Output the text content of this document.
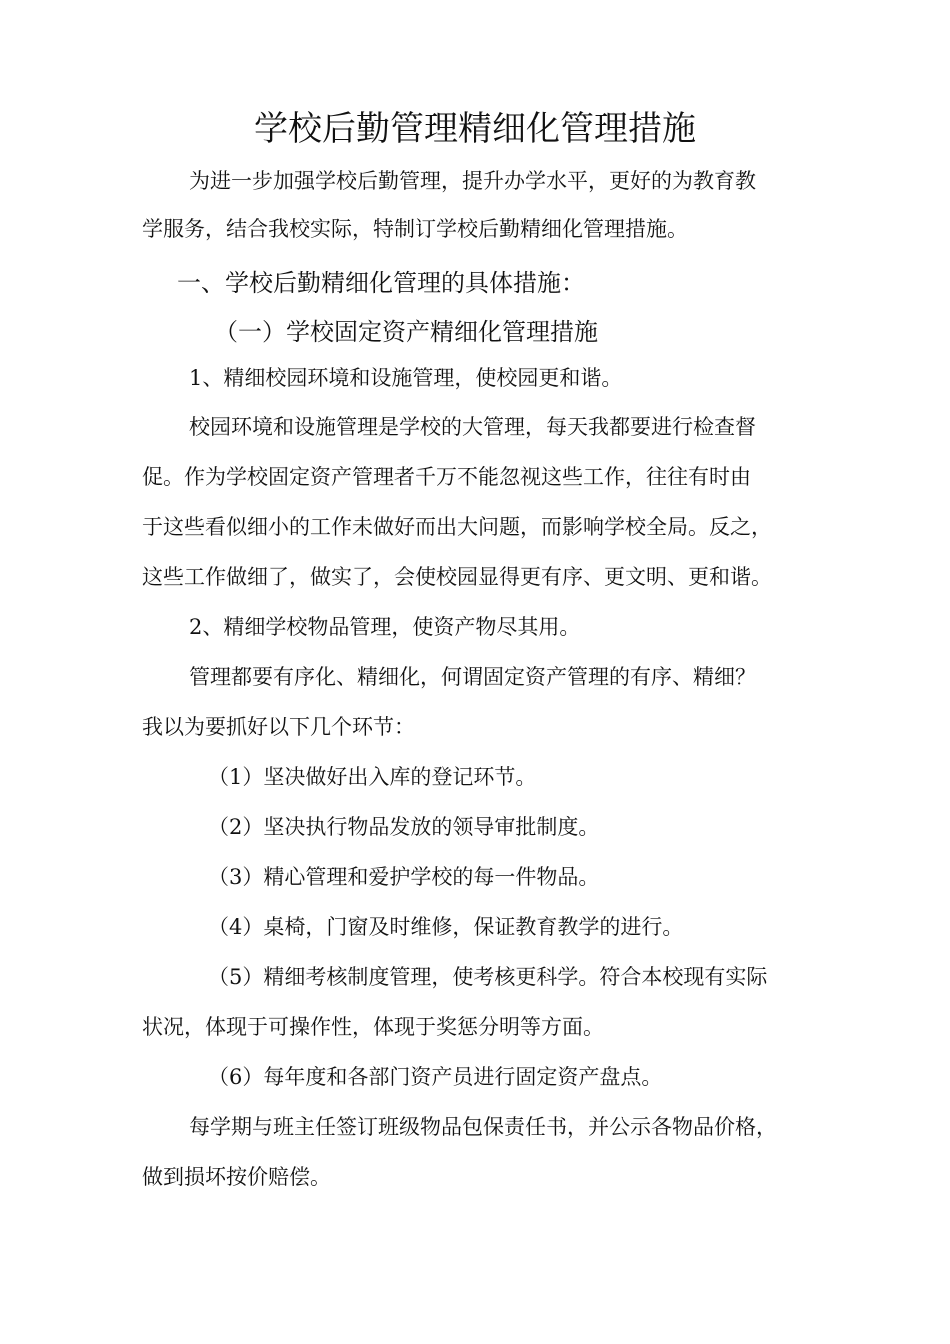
学校后勤管理精细化管理措施
为进一步加强学校后勤管理，提升办学水平，更好的为教育教
学服务，结合我校实际，特制订学校后勤精细化管理措施。
一、学校后勤精细化管理的具体措施：
（一）学校固定资产精细化管理措施
1、精细校园环境和设施管理，使校园更和谐。
校园环境和设施管理是学校的大管理，每天我都要进行检查督
促。作为学校固定资产管理者千万不能忽视这些工作，往往有时由
于这些看似细小的工作未做好而出大问题，而影响学校全局。反之，
这些工作做细了，做实了，会使校园显得更有序、更文明、更和谐。
2、精细学校物品管理，使资产物尽其用。
管理都要有序化、精细化，何谓固定资产管理的有序、精细？
我以为要抓好以下几个环节：
（1）坚决做好出入库的登记环节。
（2）坚决执行物品发放的领导审批制度。
（3）精心管理和爱护学校的每一件物品。
（4）桌椅，门窗及时维修，保证教育教学的进行。
（5）精细考核制度管理，使考核更科学。符合本校现有实际
状况，体现于可操作性，体现于奖惩分明等方面。
（6）每年度和各部门资产员进行固定资产盘点。
每学期与班主任签订班级物品包保责任书，并公示各物品价格，
做到损坏按价赔偿。
